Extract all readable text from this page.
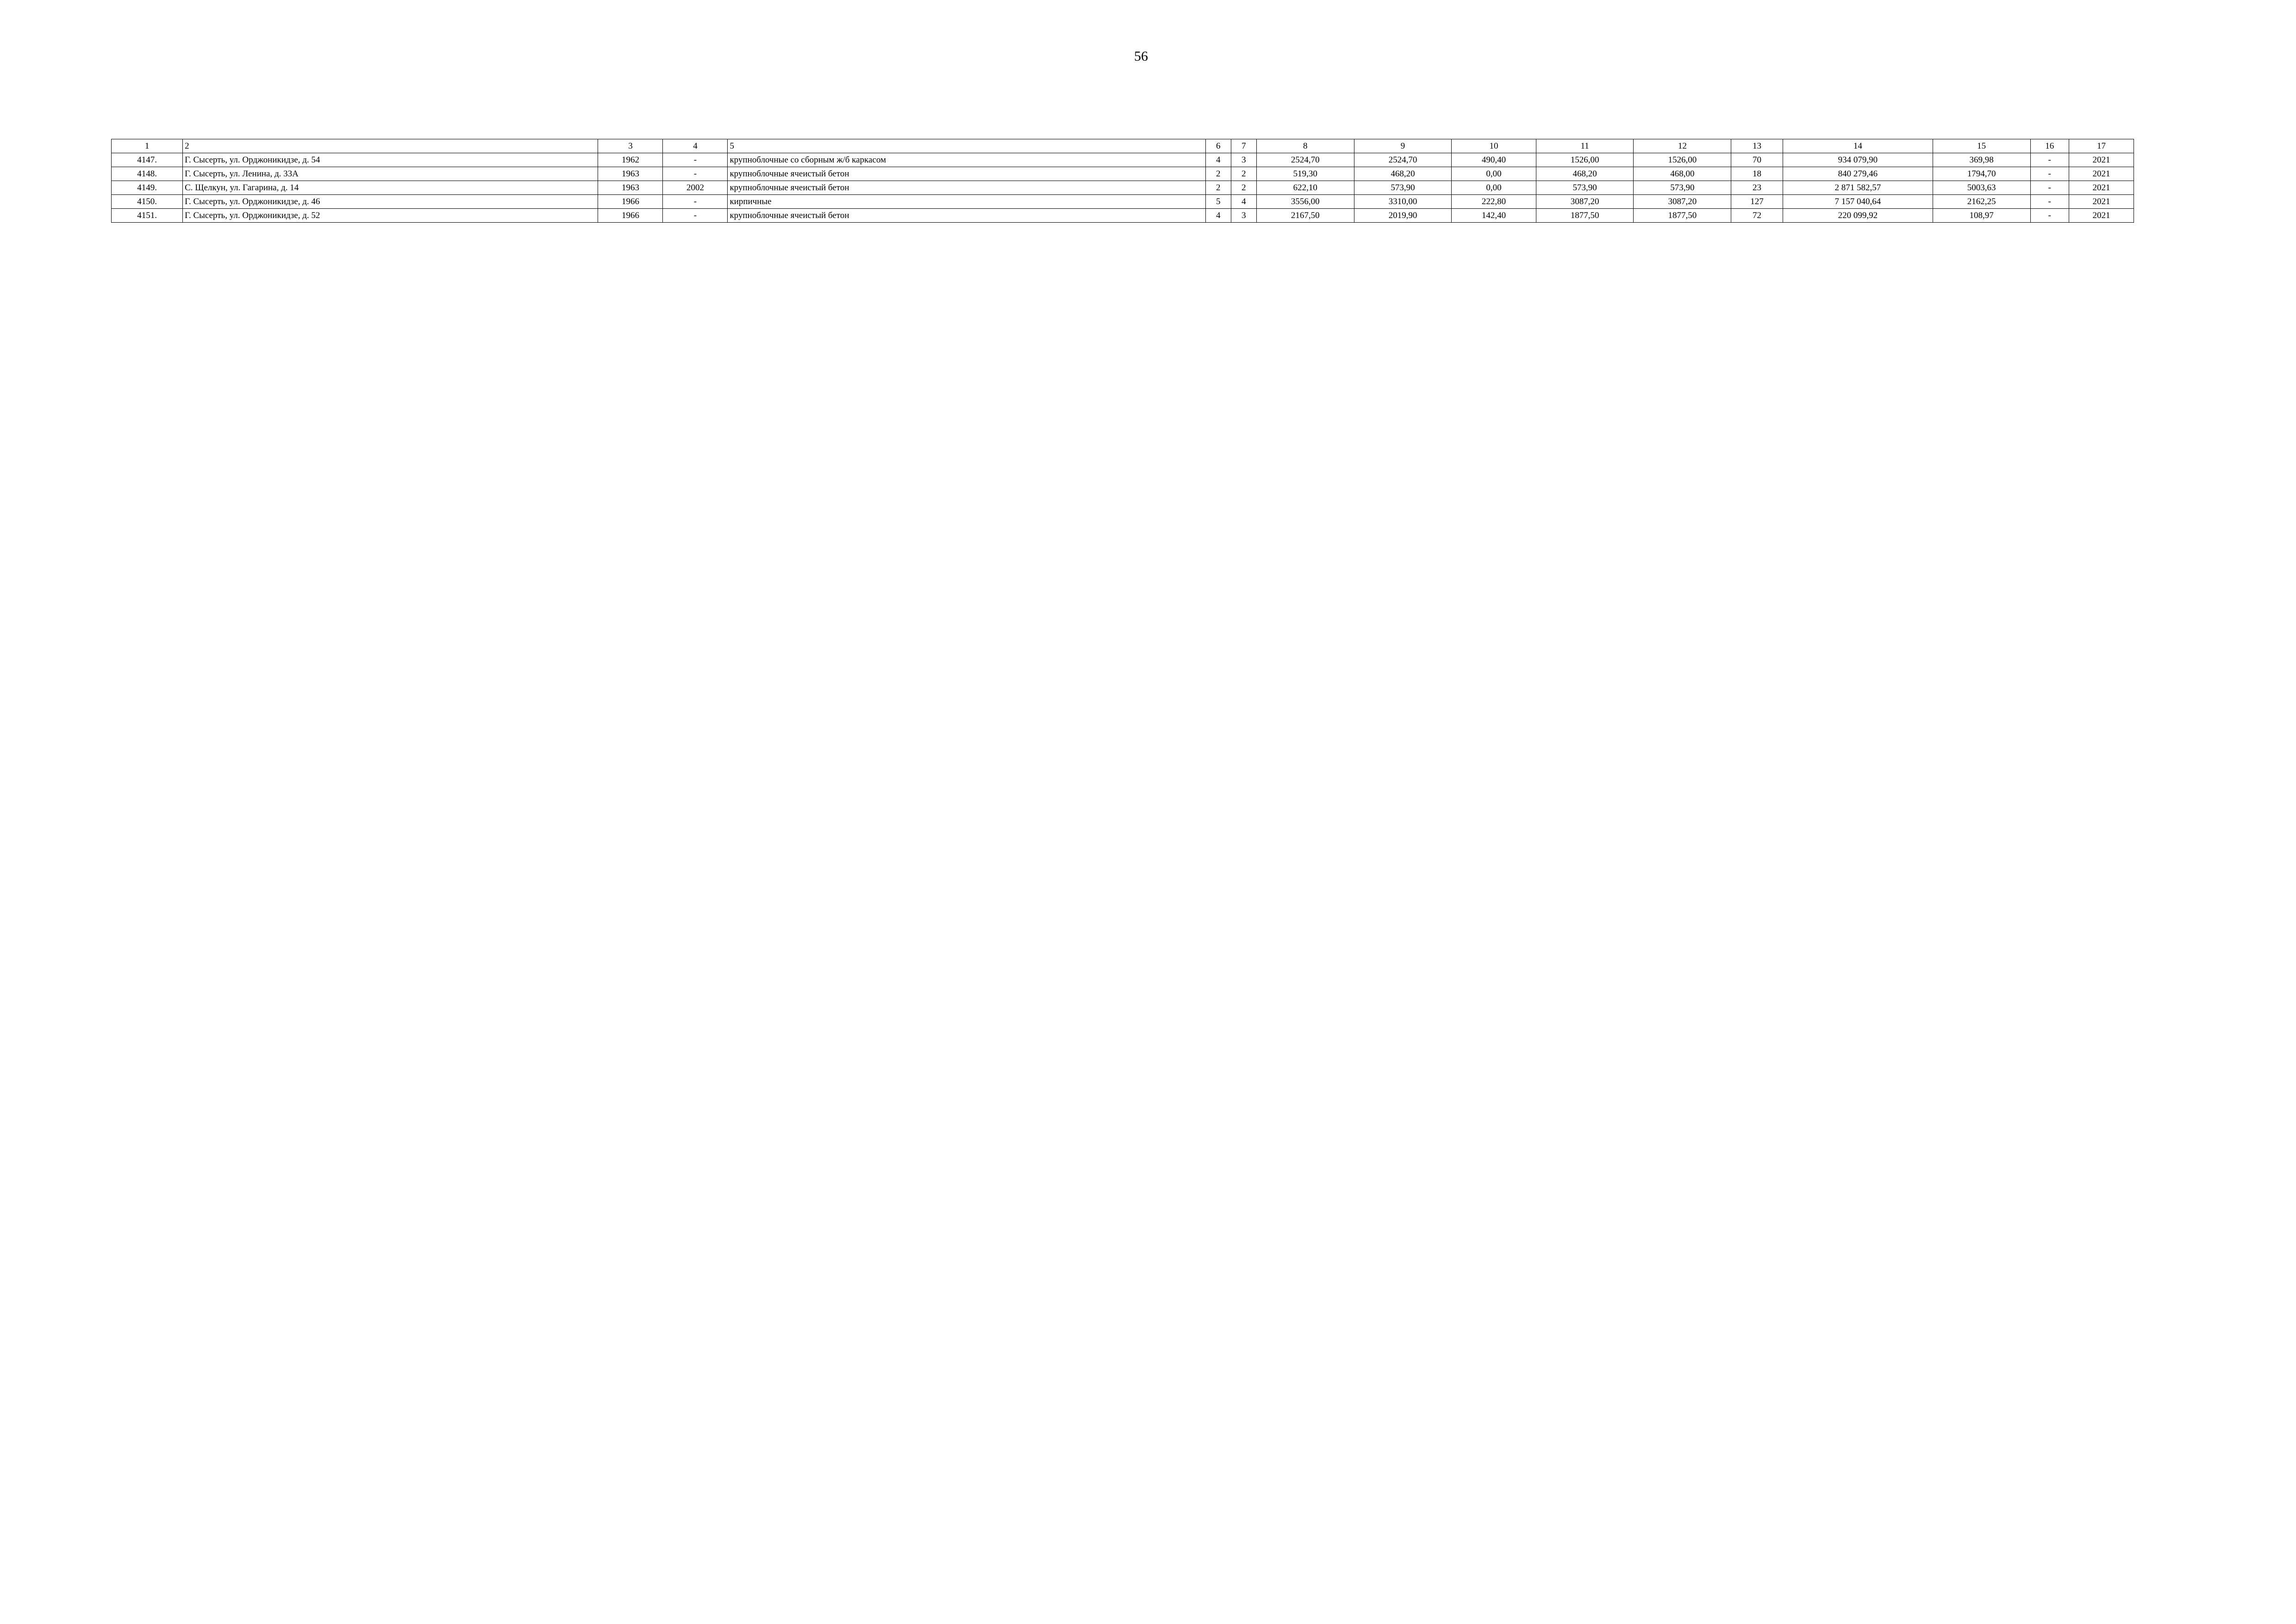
56
1	2	3	4	5	6	7	8	9	10	11	12	13	14	15	16	17
4147.	Г. Сысерть, ул. Орджоникидзе, д. 54	1962	-	крупноблочные со сборным ж/б каркасом	4	3	2524,70	2524,70	490,40	1526,00	1526,00	70	934 079,90	369,98	-	2021
4148.	Г. Сысерть, ул. Ленина, д. 33А	1963	-	крупноблочные ячеистый бетон	2	2	519,30	468,20	0,00	468,20	468,00	18	840 279,46	1794,70	-	2021
4149.	С. Щелкун, ул. Гагарина, д. 14	1963	2002	крупноблочные ячеистый бетон	2	2	622,10	573,90	0,00	573,90	573,90	23	2 871 582,57	5003,63	-	2021
4150.	Г. Сысерть, ул. Орджоникидзе, д. 46	1966	-	кирпичные	5	4	3556,00	3310,00	222,80	3087,20	3087,20	127	7 157 040,64	2162,25	-	2021
4151.	Г. Сысерть, ул. Орджоникидзе, д. 52	1966	-	крупноблочные ячеистый бетон	4	3	2167,50	2019,90	142,40	1877,50	1877,50	72	220 099,92	108,97	-	2021
